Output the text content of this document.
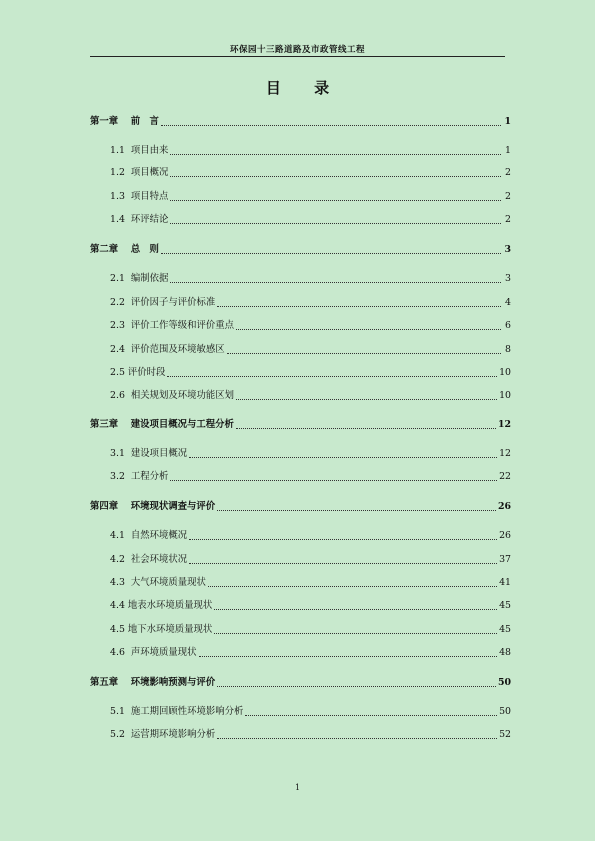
环保园十三路道路及市政管线工程
目 录
第一章　 前　言	1
1.1  项目由来	1
1.2  项目概况	2
1.3  项目特点	2
1.4  环评结论	2
第二章　 总　则	3
2.1  编制依据	3
2.2  评价因子与评价标准	4
2.3  评价工作等级和评价重点	6
2.4  评价范围及环境敏感区	8
2.5 评价时段	10
2.6  相关规划及环境功能区划	10
第三章　 建设项目概况与工程分析	12
3.1  建设项目概况	12
3.2  工程分析	22
第四章　 环境现状调查与评价	26
4.1  自然环境概况	26
4.2  社会环境状况	37
4.3  大气环境质量现状	41
4.4 地表水环境质量现状	45
4.5 地下水环境质量现状	45
4.6  声环境质量现状	48
第五章　 环境影响预测与评价	50
5.1  施工期回顾性环境影响分析	50
5.2  运营期环境影响分析	52
1
